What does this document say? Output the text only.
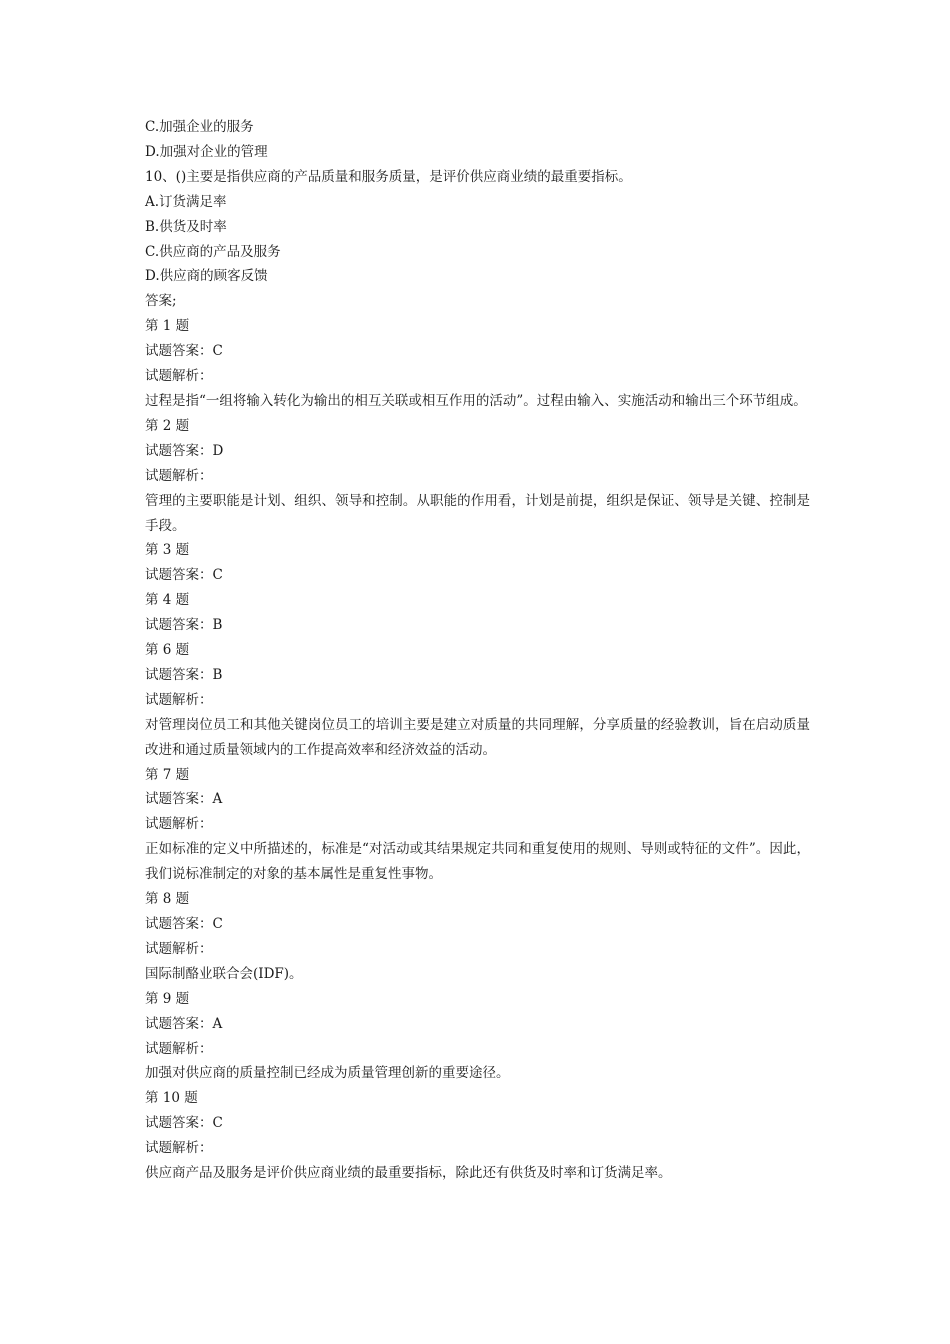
C.加强企业的服务
D.加强对企业的管理
10、()主要是指供应商的产品质量和服务质量，是评价供应商业绩的最重要指标。
A.订货满足率
B.供货及时率
C.供应商的产品及服务
D.供应商的顾客反馈
答案;
第 1 题
试题答案：C
试题解析：
过程是指“一组将输入转化为输出的相互关联或相互作用的活动”。过程由输入、实施活动和输出三个环节组成。
第 2 题
试题答案：D
试题解析：
管理的主要职能是计划、组织、领导和控制。从职能的作用看，计划是前提，组织是保证、领导是关键、控制是手段。
第 3 题
试题答案：C
第 4 题
试题答案：B
第 6 题
试题答案：B
试题解析：
对管理岗位员工和其他关键岗位员工的培训主要是建立对质量的共同理解，分享质量的经验教训，旨在启动质量改进和通过质量领域内的工作提高效率和经济效益的活动。
第 7 题
试题答案：A
试题解析：
正如标准的定义中所描述的，标准是“对活动或其结果规定共同和重复使用的规则、导则或特征的文件”。因此，我们说标准制定的对象的基本属性是重复性事物。
第 8 题
试题答案：C
试题解析：
国际制酪业联合会(IDF)。
第 9 题
试题答案：A
试题解析：
加强对供应商的质量控制已经成为质量管理创新的重要途径。
第 10 题
试题答案：C
试题解析：
供应商产品及服务是评价供应商业绩的最重要指标，除此还有供货及时率和订货满足率。
